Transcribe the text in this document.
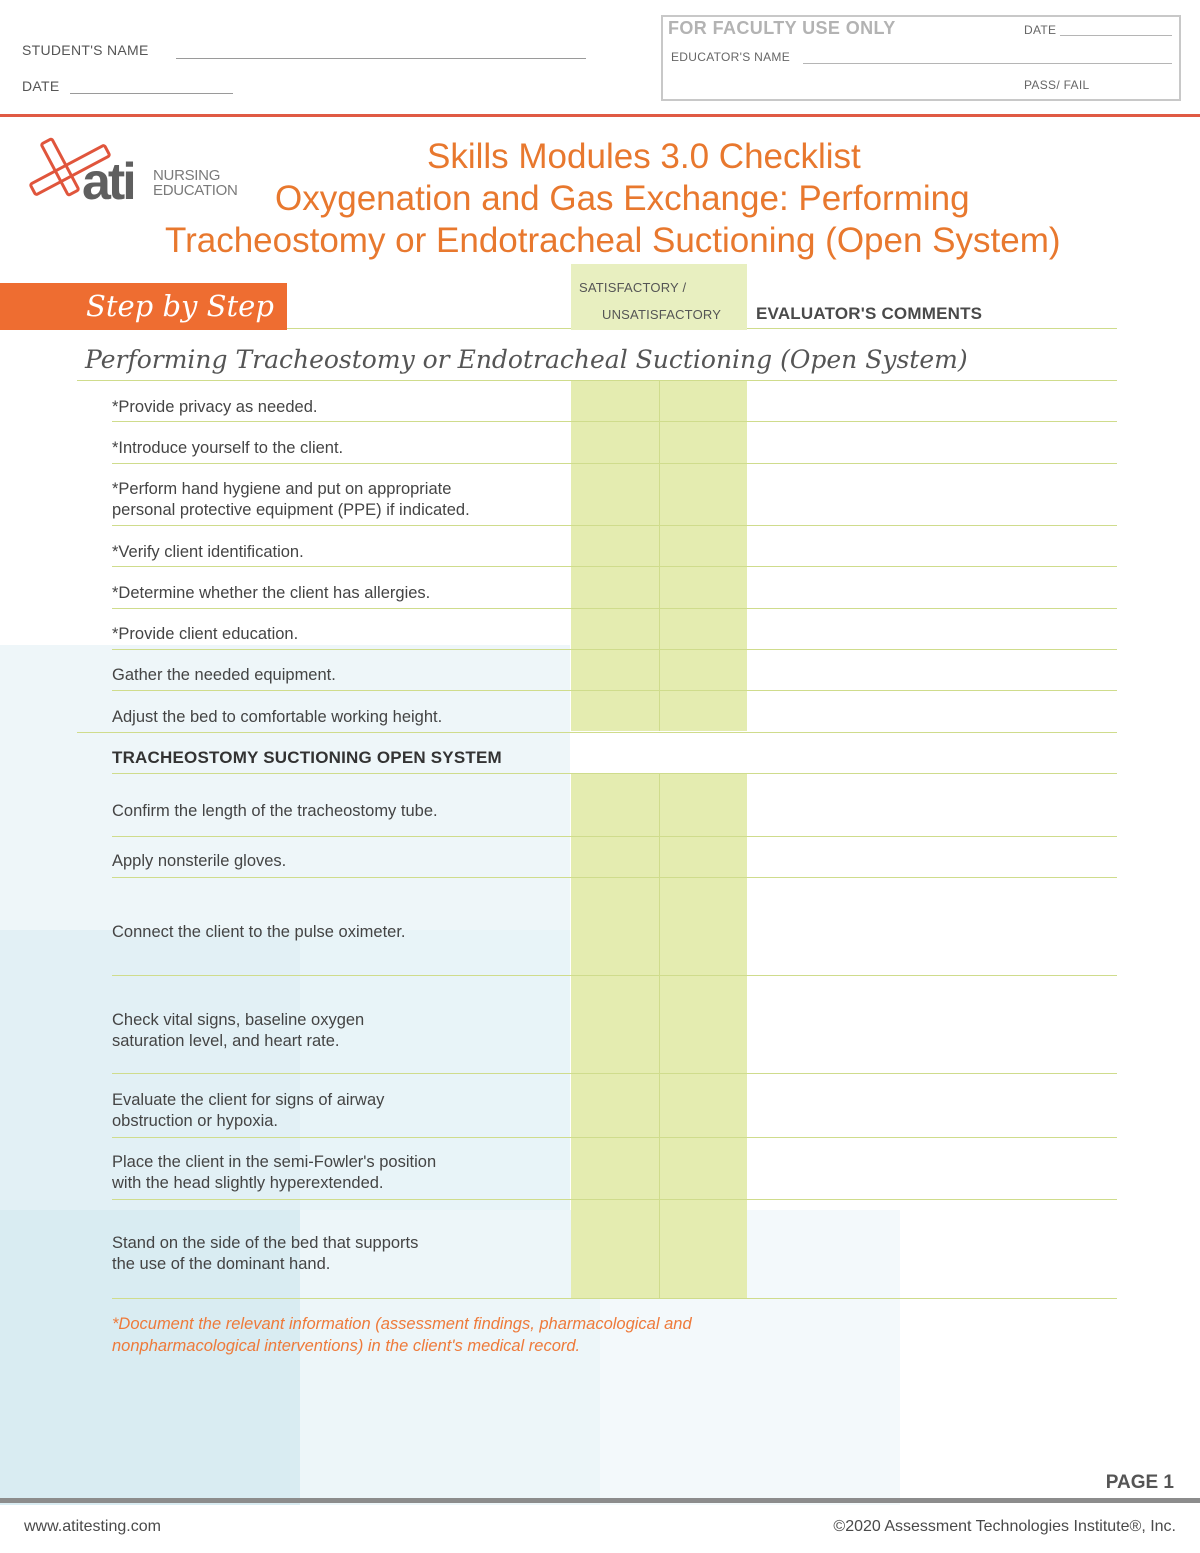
STUDENT'S NAME
DATE
FOR FACULTY USE ONLY	DATE
EDUCATOR'S NAME
PASS/ FAIL
ati NURSING
EDUCATION
Skills Modules 3.0 Checklist
Oxygenation and Gas Exchange: Performing
Tracheostomy or Endotracheal Suctioning (Open System)
Step by Step
SATISFACTORY /
UNSATISFACTORY EVALUATOR'S COMMENTS
Performing Tracheostomy or Endotracheal Suctioning (Open System)
*Provide privacy as needed.
*Introduce yourself to the client.
*Perform hand hygiene and put on appropriate
personal protective equipment (PPE) if indicated.
*Verify client identification.
*Determine whether the client has allergies.
*Provide client education.
Gather the needed equipment.
Adjust the bed to comfortable working height.
TRACHEOSTOMY SUCTIONING OPEN SYSTEM
Confirm the length of the tracheostomy tube.
Apply nonsterile gloves.
Connect the client to the pulse oximeter.
Check vital signs, baseline oxygen
saturation level, and heart rate.
Evaluate the client for signs of airway
obstruction or hypoxia.
Place the client in the semi-Fowler's position
with the head slightly hyperextended.
Stand on the side of the bed that supports
the use of the dominant hand.
*Document the relevant information (assessment findings, pharmacological and nonpharmacological interventions) in the client's medical record.
PAGE 1
www.atitesting.com	©2020 Assessment Technologies Institute®, Inc.
